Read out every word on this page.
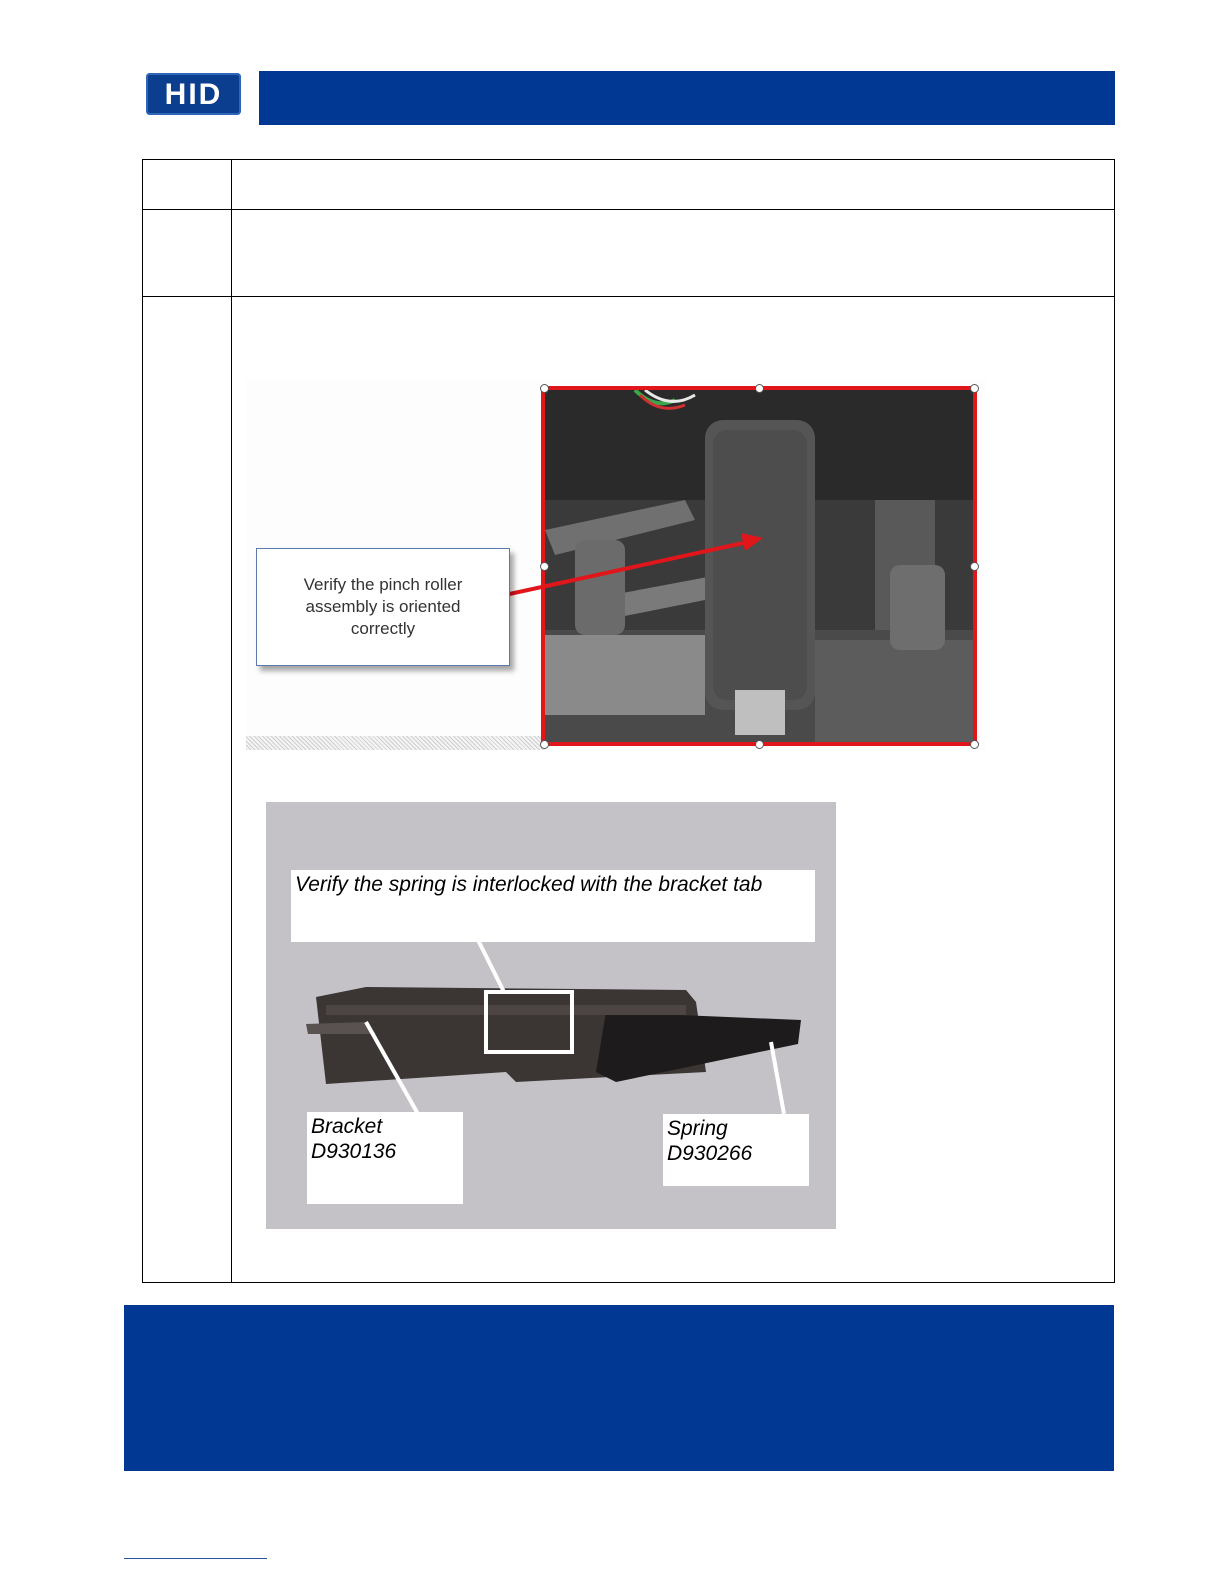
HID
Verify the pinch roller
assembly is oriented
correctly
Verify the spring is interlocked with the bracket tab
Bracket D930136
Spring D930266
